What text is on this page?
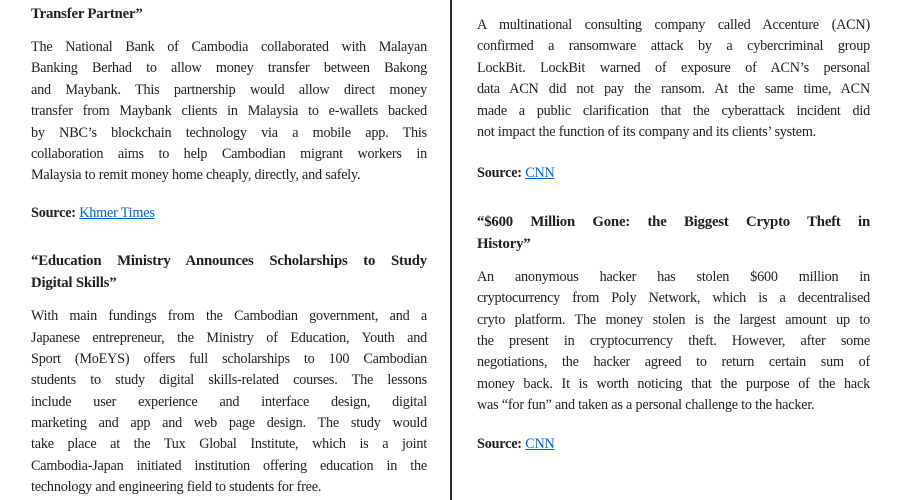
Transfer Partner”
The National Bank of Cambodia collaborated with Malayan
Banking Berhad to allow money transfer between Bakong
and Maybank. This partnership would allow direct money
transfer from Maybank clients in Malaysia to e-wallets backed
by NBC’s blockchain technology via a mobile app. This
collaboration aims to help Cambodian migrant workers in
Malaysia to remit money home cheaply, directly, and safely.

Source: Khmer Times

“Education Ministry Announces Scholarships to Study
Digital Skills”
With main fundings from the Cambodian government, and a
Japanese entrepreneur, the Ministry of Education, Youth and
Sport (MoEYS) offers full scholarships to 100 Cambodian
students to study digital skills-related courses. The lessons
include user experience and interface design, digital
marketing and app and web page design. The study would
take place at the Tux Global Institute, which is a joint
Cambodia-Japan initiated institution offering education in the
technology and engineering field to students for free.
A multinational consulting company called Accenture (ACN)
confirmed a ransomware attack by a cybercriminal group
LockBit. LockBit warned of exposure of ACN’s personal
data ACN did not pay the ransom. At the same time, ACN
made a public clarification that the cyberattack incident did
not impact the function of its company and its clients’ system.

Source: CNN

“$600 Million Gone: the Biggest Crypto Theft in
History”
An anonymous hacker has stolen $600 million in
cryptocurrency from Poly Network, which is a decentralised
cryto platform. The money stolen is the largest amount up to
the present in cryptocurrency theft. However, after some
negotiations, the hacker agreed to return certain sum of
money back. It is worth noticing that the purpose of the hack
was “for fun” and taken as a personal challenge to the hacker.

Source: CNN
